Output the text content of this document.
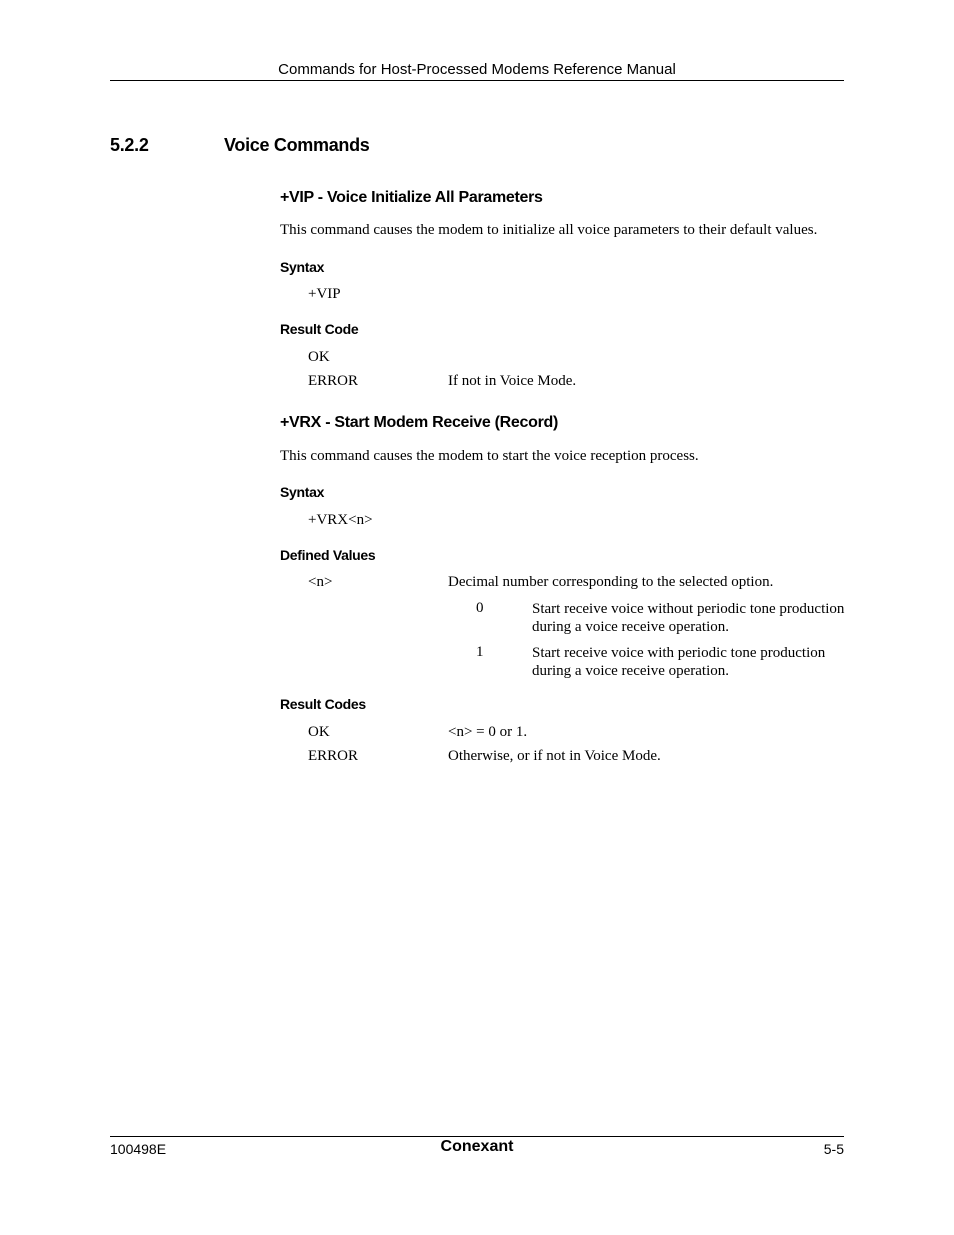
Commands for Host-Processed Modems Reference Manual
5.2.2	Voice Commands
+VIP - Voice Initialize All Parameters
This command causes the modem to initialize all voice parameters to their default values.
Syntax
+VIP
Result Code
OK
ERROR	If not in Voice Mode.
+VRX - Start Modem Receive (Record)
This command causes the modem to start the voice reception process.
Syntax
+VRX<n>
Defined Values
<n>	Decimal number corresponding to the selected option.
0	Start receive voice without periodic tone production during a voice receive operation.
1	Start receive voice with periodic tone production during a voice receive operation.
Result Codes
OK	<n> = 0 or 1.
ERROR	Otherwise, or if not in Voice Mode.
100498E	Conexant	5-5
